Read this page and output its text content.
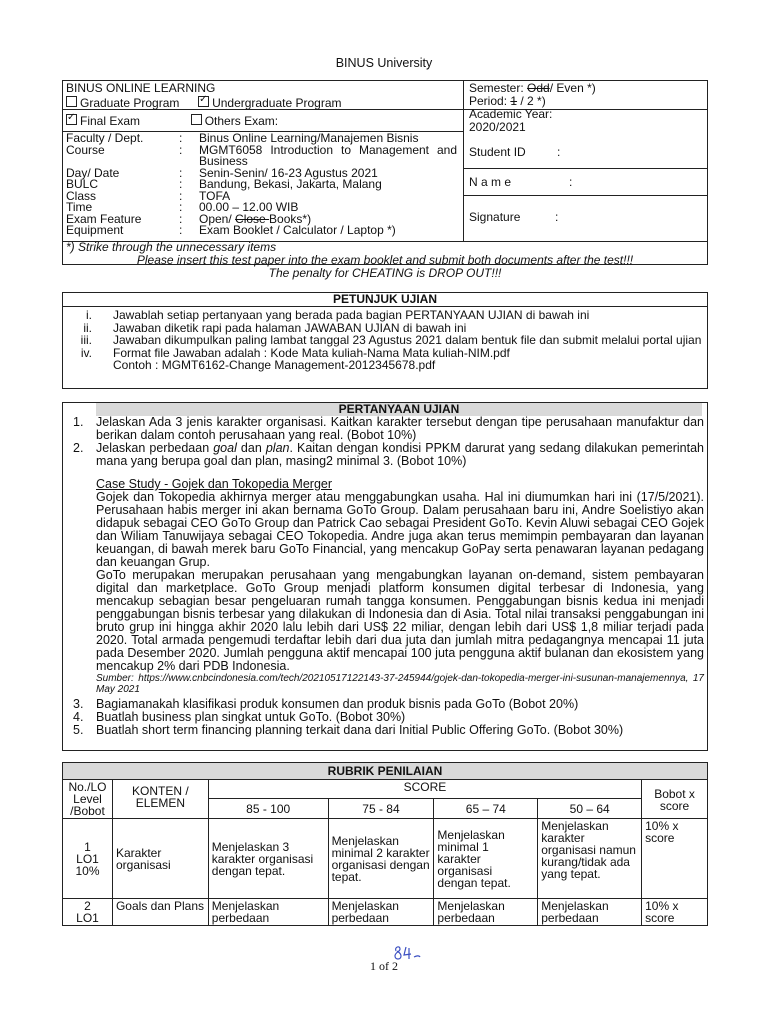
BINUS University
BINUS ONLINE LEARNING
Graduate Program ✓	Undergraduate Program
✓Final Exam	Others Exam:
Semester: Odd/ Even *)
Period: 1 / 2 *)
Academic Year:
2020/2021
Student ID	:
N a m e	:
Signature	:
Faculty / Dept.	: Binus Online Learning/Manajemen Bisnis
Course	: MGMT6058 Introduction to Management and Business
Day/ Date	: Senin-Senin/ 16-23 Agustus 2021
BULC	: Bandung, Bekasi, Jakarta, Malang
Class	: TOFA
Time	: 00.00 – 12.00 WIB
Exam Feature	: Open/ Close Books*)
Equipment	: Exam Booklet / Calculator / Laptop *)
*) Strike through the unnecessary items
Please insert this test paper into the exam booklet and submit both documents after the test!!!
The penalty for CHEATING is DROP OUT!!!
PETUNJUK UJIAN
i. Jawablah setiap pertanyaan yang berada pada bagian PERTANYAAN UJIAN di bawah ini
ii. Jawaban diketik rapi pada halaman JAWABAN UJIAN di bawah ini
iii. Jawaban dikumpulkan paling lambat tanggal 23 Agustus 2021 dalam bentuk file dan submit melalui portal ujian
iv. Format file Jawaban adalah : Kode Mata kuliah-Nama Mata kuliah-NIM.pdf
Contoh : MGMT6162-Change Management-2012345678.pdf
PERTANYAAN UJIAN
1. Jelaskan Ada 3 jenis karakter organisasi. Kaitkan karakter tersebut dengan tipe perusahaan manufaktur dan berikan dalam contoh perusahaan yang real. (Bobot 10%)
2. Jelaskan perbedaan goal dan plan. Kaitan dengan kondisi PPKM darurat yang sedang dilakukan pemerintah mana yang berupa goal dan plan, masing2 minimal 3. (Bobot 10%)
Case Study - Gojek dan Tokopedia Merger
Gojek dan Tokopedia akhirnya merger atau menggabungkan usaha. Hal ini diumumkan hari ini (17/5/2021). Perusahaan habis merger ini akan bernama GoTo Group. Dalam perusahaan baru ini, Andre Soelistiyo akan didapuk sebagai CEO GoTo Group dan Patrick Cao sebagai President GoTo. Kevin Aluwi sebagai CEO Gojek dan Wiliam Tanuwijaya sebagai CEO Tokopedia. Andre juga akan terus memimpin pembayaran dan layanan keuangan, di bawah merek baru GoTo Financial, yang mencakup GoPay serta penawaran layanan pedagang dan keuangan Grup.
GoTo merupakan merupakan perusahaan yang mengabungkan layanan on-demand, sistem pembayaran digital dan marketplace. GoTo Group menjadi platform konsumen digital terbesar di Indonesia, yang mencakup sebagian besar pengeluaran rumah tangga konsumen. Penggabungan bisnis kedua ini menjadi penggabungan bisnis terbesar yang dilakukan di Indonesia dan di Asia. Total nilai transaksi penggabungan ini bruto grup ini hingga akhir 2020 lalu lebih dari US$ 22 miliar, dengan lebih dari US$ 1,8 miliar terjadi pada 2020. Total armada pengemudi terdaftar lebih dari dua juta dan jumlah mitra pedagangnya mencapai 11 juta pada Desember 2020. Jumlah pengguna aktif mencapai 100 juta pengguna aktif bulanan dan ekosistem yang mencakup 2% dari PDB Indonesia.
Sumber: https://www.cnbcindonesia.com/tech/20210517122143-37-245944/gojek-dan-tokopedia-merger-ini-susunan-manajemennya, 17 May 2021
3. Bagiamanakah klasifikasi produk konsumen dan produk bisnis pada GoTo (Bobot 20%)
4. Buatlah business plan singkat untuk GoTo. (Bobot 30%)
5. Buatlah short term financing planning terkait dana dari Initial Public Offering GoTo. (Bobot 30%)
RUBRIK PENILAIAN						
No./LO Level /Bobot	KONTEN / ELEMEN	SCORE				Bobot x score
		85 - 100	75 - 84	65 – 74	50 – 64	

1
LO1
10%	Karakter organisasi	Menjelaskan 3 karakter organisasi dengan tepat.	Menjelaskan minimal 2 karakter organisasi dengan tepat.	Menjelaskan minimal 1 karakter organisasi dengan tepat.	Menjelaskan karakter organisasi namun kurang/tidak ada yang tepat.	10% x score

2
LO1	Goals dan Plans	Menjelaskan perbedaan	Menjelaskan perbedaan	Menjelaskan perbedaan	Menjelaskan perbedaan	10% x score
1 of 2
